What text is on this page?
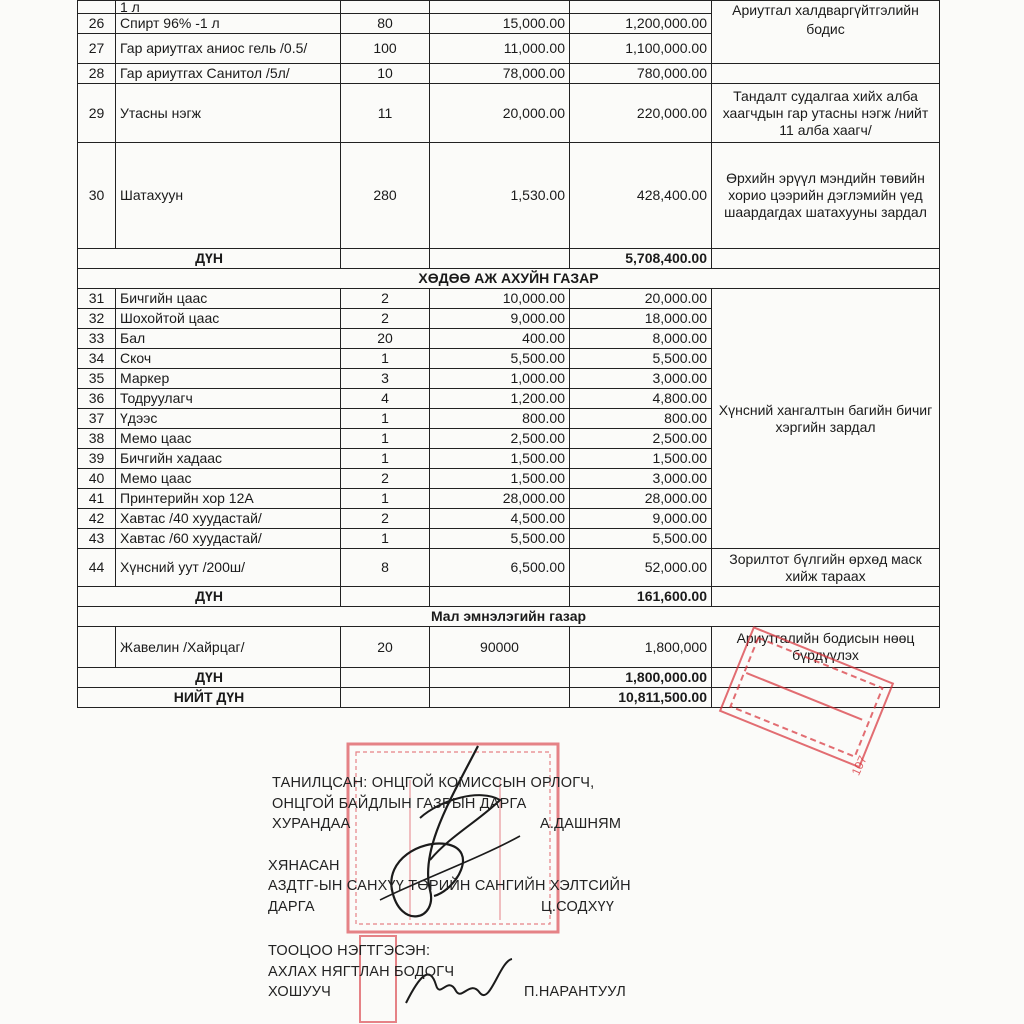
	1 л				Ариутгал халдваргүйтгэлийн бодис
26	Спирт 96% -1 л	80	15,000.00	1,200,000.00	
27	Гар ариутгах аниос гель /0.5/	100	11,000.00	1,100,000.00	
28	Гар ариутгах Санитол /5л/	10	78,000.00	780,000.00	
29	Утасны нэгж	11	20,000.00	220,000.00	Тандалт судалгаа хийх алба хаагчдын гар утасны нэгж /нийт 11 алба хаагч/
30	Шатахуун	280	1,530.00	428,400.00	Өрхийн эрүүл мэндийн төвийн хорио цээрийн дэглэмийн үед шаардагдах шатахууны зардал
ДҮН				5,708,400.00	
ХӨДӨӨ АЖ АХУЙН ГАЗАР					
31	Бичгийн цаас	2	10,000.00	20,000.00	Хүнсний хангалтын багийн бичиг хэргийн зардал
32	Шохойтой цаас	2	9,000.00	18,000.00	
33	Бал	20	400.00	8,000.00	
34	Скоч	1	5,500.00	5,500.00	
35	Маркер	3	1,000.00	3,000.00	
36	Тодруулагч	4	1,200.00	4,800.00	
37	Үдээс	1	800.00	800.00	
38	Мемо цаас	1	2,500.00	2,500.00	
39	Бичгийн хадаас	1	1,500.00	1,500.00	
40	Мемо цаас	2	1,500.00	3,000.00	
41	Принтерийн хор 12А	1	28,000.00	28,000.00	
42	Хавтас /40 хуудастай/	2	4,500.00	9,000.00	
43	Хавтас /60 хуудастай/	1	5,500.00	5,500.00	
44	Хүнсний уут /200ш/	8	6,500.00	52,000.00	Зорилтот бүлгийн өрхөд маск хийж тараах
ДҮН				161,600.00	
Мал эмнэлэгийн газар					
	Жавелин /Хайрцаг/	20	90000	1,800,000	Ариутгалийн бодисын нөөц бүрдүүлэх
ДҮН				1,800,000.00	
НИЙТ ДҮН				10,811,500.00	
107
ТАНИЛЦСАН: ОНЦГОЙ КОМИССЫН ОРЛОГЧ,
ОНЦГОЙ БАЙДЛЫН ГАЗРЫН ДАРГА
ХУРАНДАА	А.ДАШНЯМ
ХЯНАСАН
АЗДТГ-ЫН САНХҮҮ ТӨРИЙН САНГИЙН ХЭЛТСИЙН
ДАРГА	Ц.СОДХҮҮ
ТООЦОО НЭГТГЭСЭН:
АХЛАХ НЯГТЛАН БОДОГЧ
ХОШУУЧ	П.НАРАНТУУЛ
